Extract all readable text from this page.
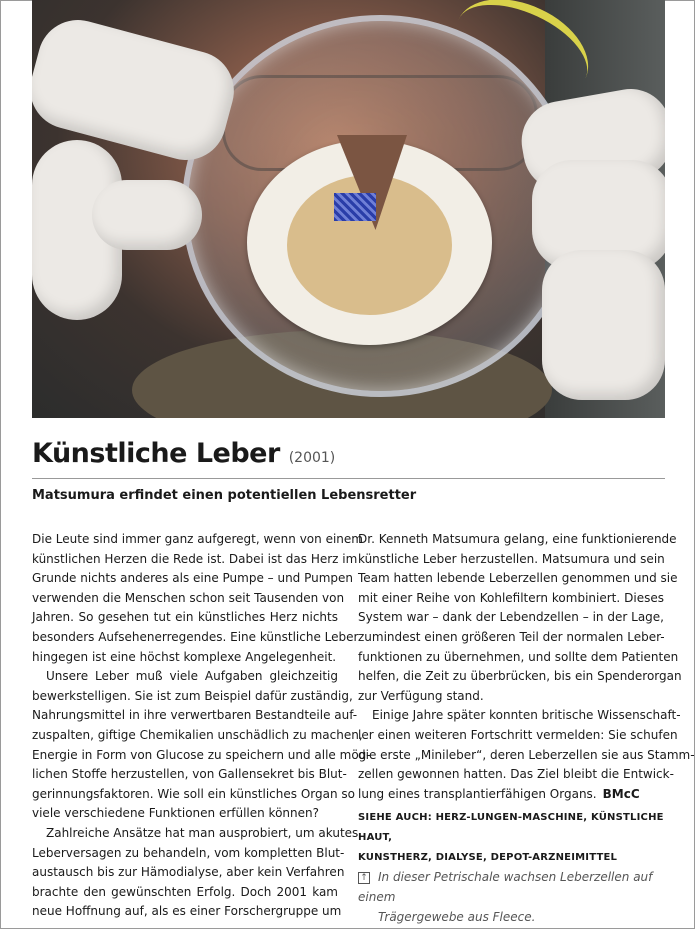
Künstliche Leber (2001)
Matsumura erfindet einen potentiellen Lebensretter
Die Leute sind immer ganz aufgeregt, wenn von einem
künstlichen Herzen die Rede ist. Dabei ist das Herz im
Grunde nichts anderes als eine Pumpe – und Pumpen
verwenden die Menschen schon seit Tausenden von
Jahren. So gesehen tut ein künstliches Herz nichts
besonders Aufsehenerregendes. Eine künstliche Leber
hingegen ist eine höchst komplexe Angelegenheit.
Unsere Leber muß viele Aufgaben gleichzeitig
bewerkstelligen. Sie ist zum Beispiel dafür zuständig,
Nahrungsmittel in ihre verwertbaren Bestandteile auf-
zuspalten, giftige Chemikalien unschädlich zu machen,
Energie in Form von Glucose zu speichern und alle mög-
lichen Stoffe herzustellen, von Gallensekret bis Blut-
gerinnungsfaktoren. Wie soll ein künstliches Organ so
viele verschiedene Funktionen erfüllen können?
Zahlreiche Ansätze hat man ausprobiert, um akutes
Leberversagen zu behandeln, vom kompletten Blut-
austausch bis zur Hämodialyse, aber kein Verfahren
brachte den gewünschten Erfolg. Doch 2001 kam
neue Hoffnung auf, als es einer Forschergruppe um
Dr. Kenneth Matsumura gelang, eine funktionierende
künstliche Leber herzustellen. Matsumura und sein
Team hatten lebende Leberzellen genommen und sie
mit einer Reihe von Kohlefiltern kombiniert. Dieses
System war – dank der Lebendzellen – in der Lage,
zumindest einen größeren Teil der normalen Leber-
funktionen zu übernehmen, und sollte dem Patienten
helfen, die Zeit zu überbrücken, bis ein Spenderorgan
zur Verfügung stand.
Einige Jahre später konnten britische Wissenschaft-
ler einen weiteren Fortschritt vermelden: Sie schufen
die erste „Minileber“, deren Leberzellen sie aus Stamm-
zellen gewonnen hatten. Das Ziel bleibt die Entwick-
lung eines transplantierfähigen Organs. BMcC
SIEHE AUCH: HERZ-LUNGEN-MASCHINE, KÜNSTLICHE HAUT,
KUNSTHERZ, DIALYSE, DEPOT-ARZNEIMITTEL
↑ In dieser Petrischale wachsen Leberzellen auf einem
Trägergewebe aus Fleece.
